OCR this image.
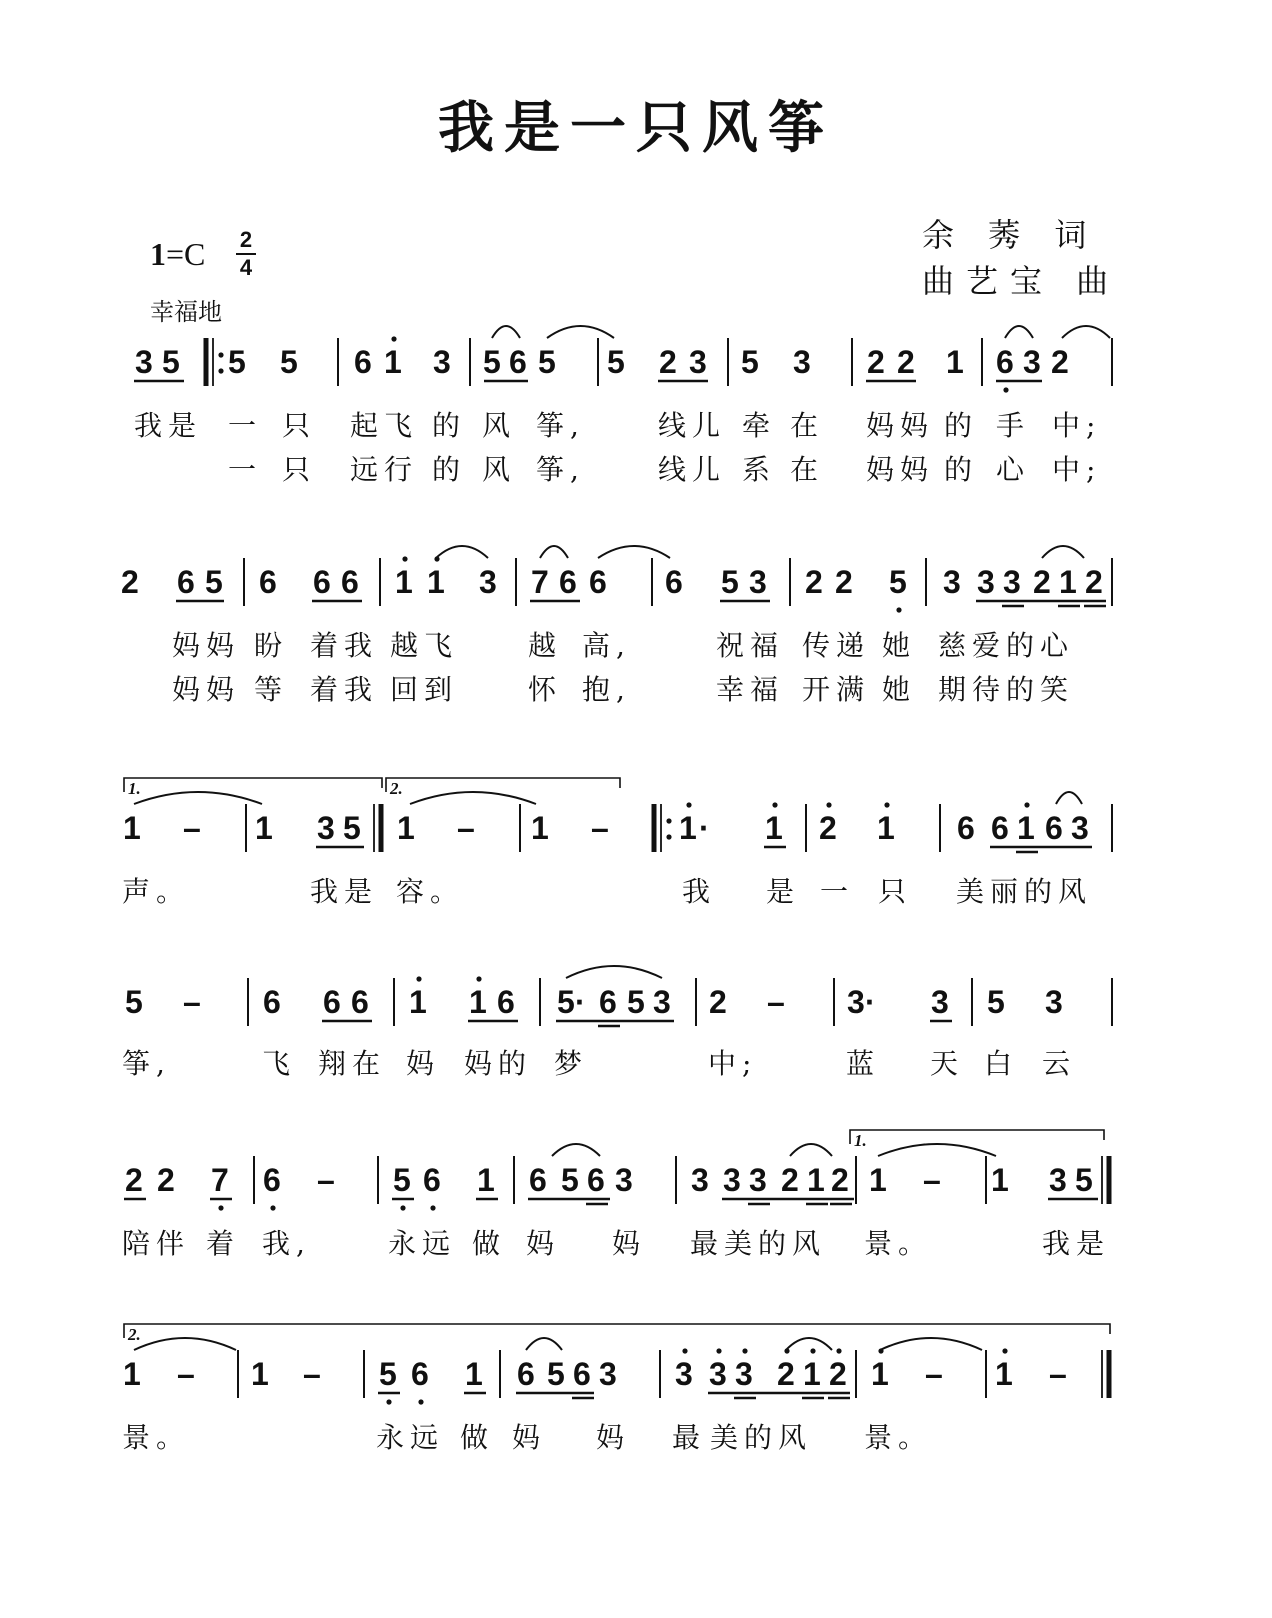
我是一只风筝
余 莠 词
曲艺宝 曲
1=C 2
4
幸福地
3 5 5 5 6 1 3 5 6 5 5 2 3 5 3 2 2 1 6 3 2
我是 一 只 起飞 的 风 筝,	线儿 牵 在 妈妈 的 手 中;
一 只 远行 的 风 筝,	线儿 系 在 妈妈 的 心 中;
2 6 5 6 6 6 1 1 3 7 6 6 6 5 3 2 2 5 3 3 3 2 1 2
妈妈 盼 着我 越飞 越 高,	祝福 传递 她 慈爱的心
妈妈 等 着我 回到 怀 抱,	幸福 开满 她 期待的笑
1 – 1 3 5 1 – 1 – 1 · 1 2 1 6 6 1 6 3
1.	2.
声。	我是 容。	我 是 一 只 美丽的风
5 – 6 6 6 1 1 6 5 · 6 5 3 2 – 3 · 3 5 3
筝,	飞 翔在 妈 妈的 梦	中;	蓝 天 白 云
2 2 7 6 – 5 6 1 6 5 6 3 3 3 3 2 1 2 1 – 1 3 5
1.
陪伴 着 我,	永远 做 妈 妈 最美的风 景。	我是
1 – 1 – 5 6 1 6 5 6 3 3 3 3 2 1 2 1 – 1 –
2.
景。	永远 做 妈 妈 最 美的风 景。
